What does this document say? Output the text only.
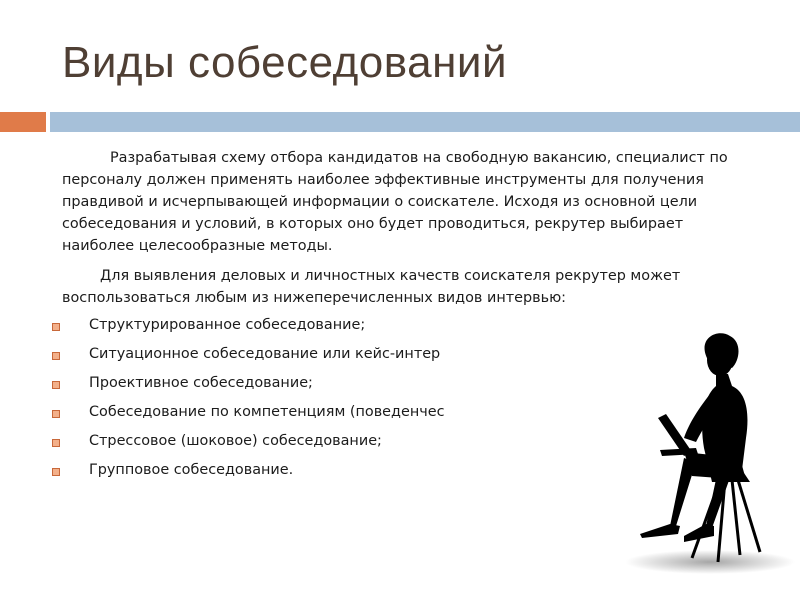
Виды собеседований

Разрабатывая схему отбора кандидатов на свободную вакансию, специалист по персоналу должен применять наиболее эффективные инструменты для получения правдивой и исчерпывающей информации о соискателе. Исходя из основной цели собеседования и условий, в которых оно будет проводиться, рекрутер выбирает наиболее целесообразные методы.

Для выявления деловых и личностных качеств соискателя рекрутер может воспользоваться любым из нижеперечисленных видов интервью:

Структурированное собеседование;
Ситуационное собеседование или кейс-интер
Проективное собеседование;
Собеседование по компетенциям (поведенчес
Стрессовое (шоковое) собеседование;
Групповое собеседование.
